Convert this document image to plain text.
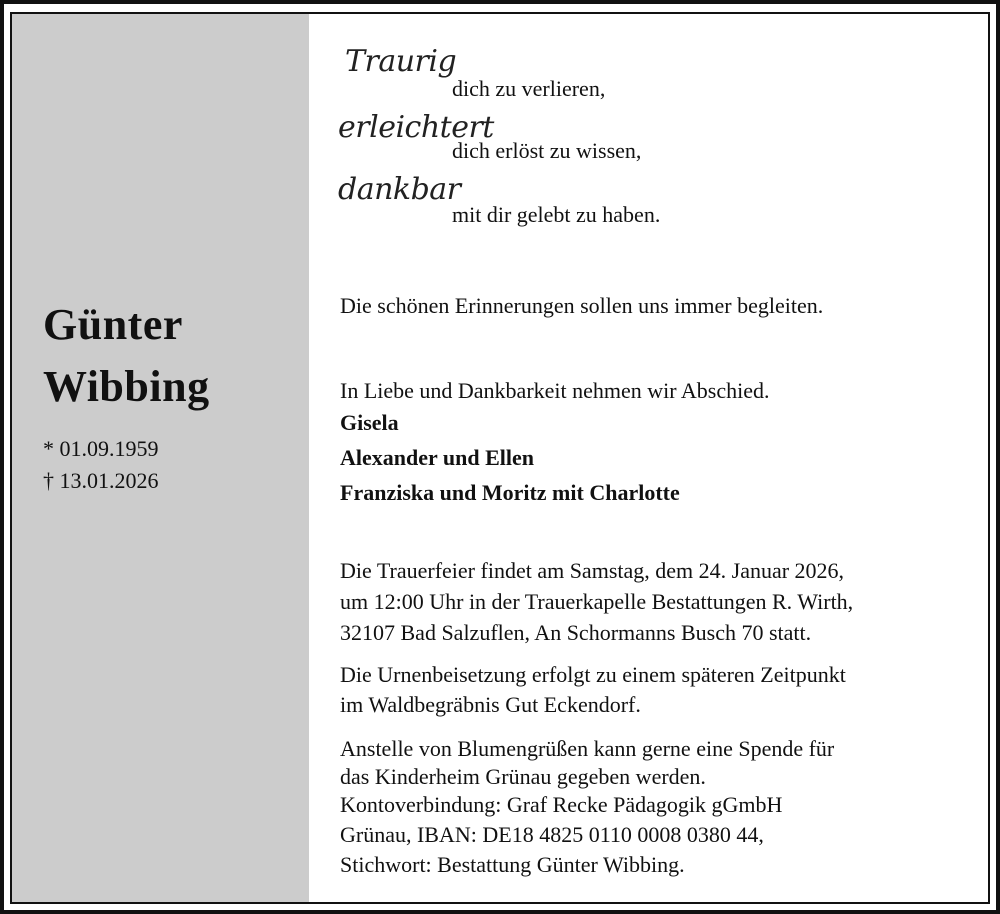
Günter
Wibbing
* 01.09.1959
† 13.01.2026
Traurig
dich zu verlieren,
erleichtert
dich erlöst zu wissen,
dankbar
mit dir gelebt zu haben.
Die schönen Erinnerungen sollen uns immer begleiten.
In Liebe und Dankbarkeit nehmen wir Abschied.
Gisela
Alexander und Ellen
Franziska und Moritz mit Charlotte
Die Trauerfeier findet am Samstag, dem 24. Januar 2026,
um 12:00 Uhr in der Trauerkapelle Bestattungen R. Wirth,
32107 Bad Salzuflen, An Schormanns Busch 70 statt.
Die Urnenbeisetzung erfolgt zu einem späteren Zeitpunkt
im Waldbegräbnis Gut Eckendorf.
Anstelle von Blumengrüßen kann gerne eine Spende für
das Kinderheim Grünau gegeben werden.
Kontoverbindung: Graf Recke Pädagogik gGmbH
Grünau, IBAN: DE18 4825 0110 0008 0380 44,
Stichwort: Bestattung Günter Wibbing.
